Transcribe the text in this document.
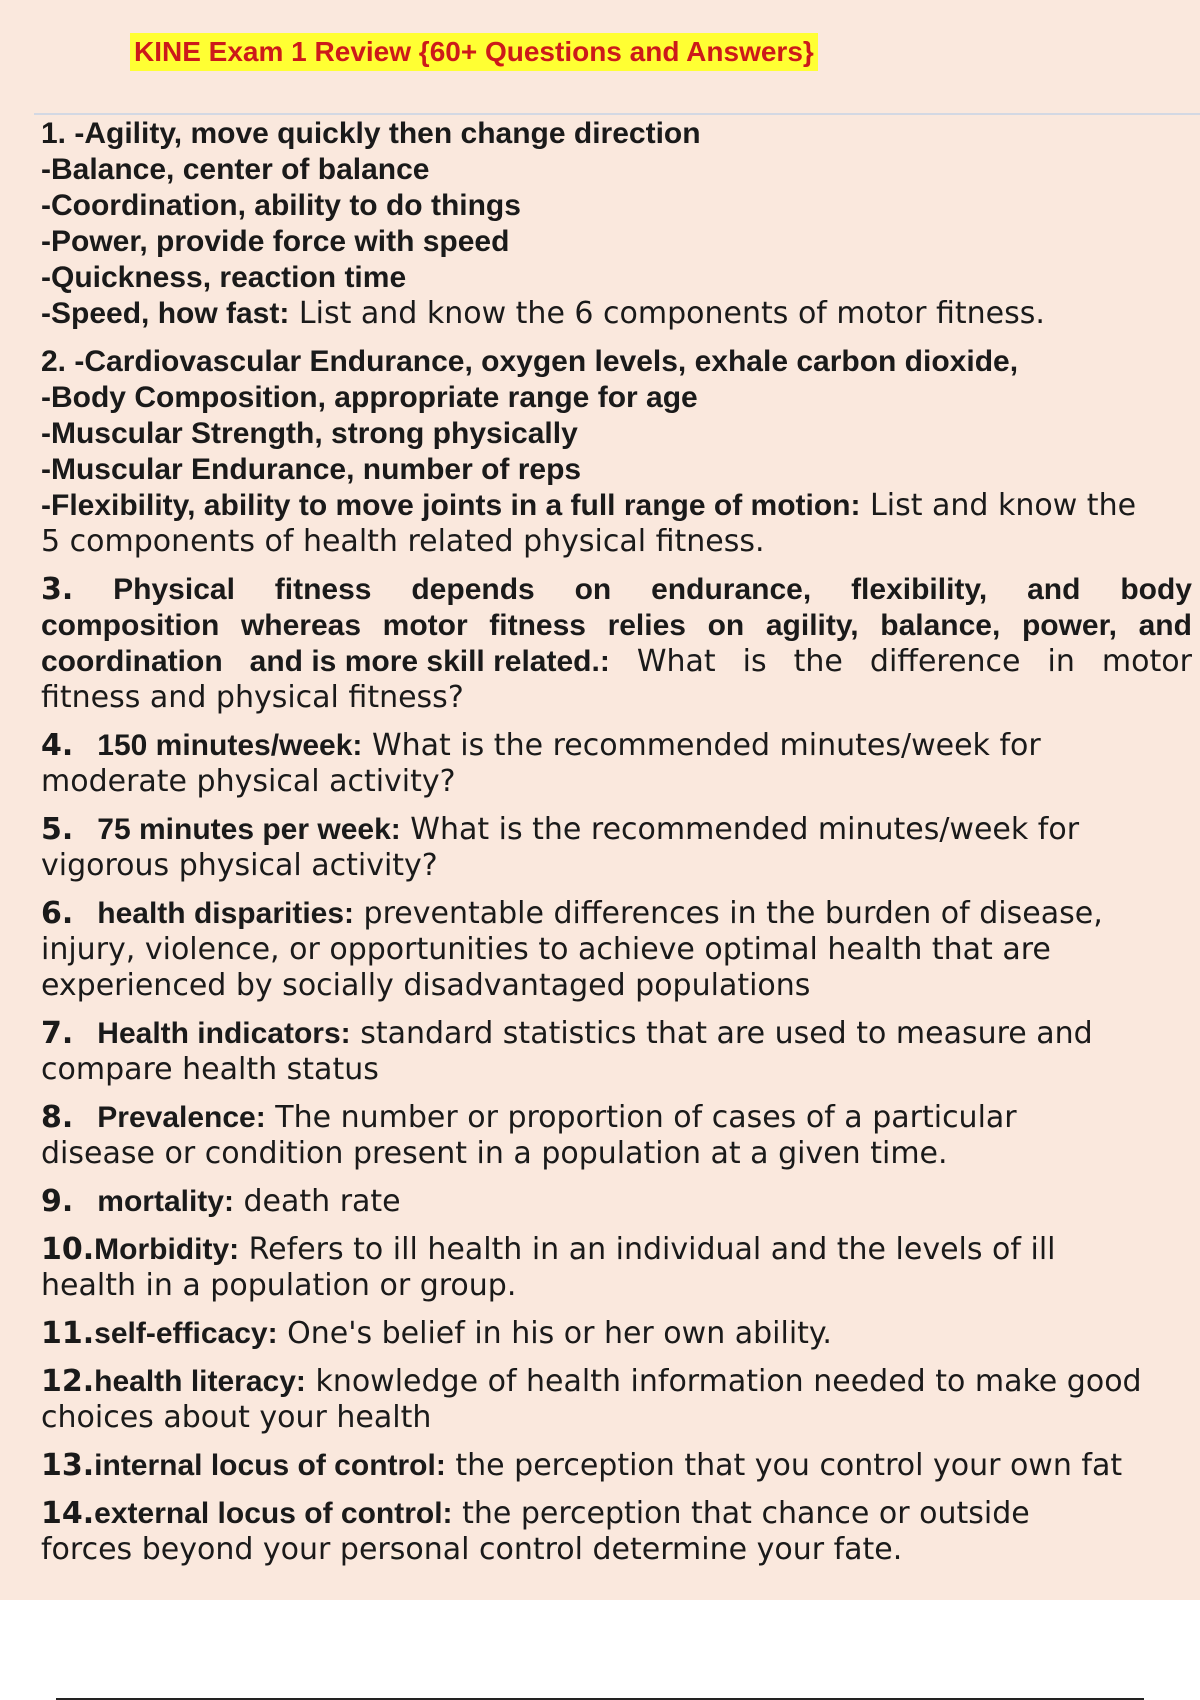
KINE Exam 1 Review {60+ Questions and Answers}
1. -Agility, move quickly then change direction
-Balance, center of balance
-Coordination, ability to do things
-Power, provide force with speed
-Quickness, reaction time
-Speed, how fast: List and know the 6 components of motor fitness.
2. -Cardiovascular Endurance, oxygen levels, exhale carbon dioxide,
-Body Composition, appropriate range for age
-Muscular Strength, strong physically
-Muscular Endurance, number of reps
-Flexibility, ability to move joints in a full range of motion: List and know the
5 components of health related physical fitness.
3. Physical fitness depends on endurance, flexibility, and body
composition whereas motor fitness relies on agility, balance, power, and
coordination and is more skill related.: What is the difference in motor
fitness and physical fitness?
4. 150 minutes/week: What is the recommended minutes/week for
moderate physical activity?
5. 75 minutes per week: What is the recommended minutes/week for
vigorous physical activity?
6. health disparities: preventable differences in the burden of disease,
injury, violence, or opportunities to achieve optimal health that are
experienced by socially disadvantaged populations
7. Health indicators: standard statistics that are used to measure and
compare health status
8. Prevalence: The number or proportion of cases of a particular
disease or condition present in a population at a given time.
9. mortality: death rate
10.Morbidity: Refers to ill health in an individual and the levels of ill
health in a population or group.
11.self-efficacy: One's belief in his or her own ability.
12.health literacy: knowledge of health information needed to make good
choices about your health
13.internal locus of control: the perception that you control your own fat
14.external locus of control: the perception that chance or outside
forces beyond your personal control determine your fate.
